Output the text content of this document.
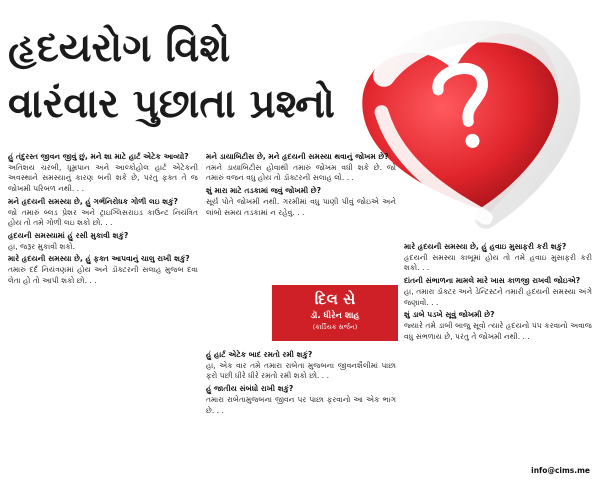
હૃદયરોગ વિશે
વારંવાર પુછાતા પ્રશ્નો

હું તંદુરસ્ત જીવન જીવું છું, મને શા માટે હાર્ટ એટેક આવ્યો?

અતિશય ચરબી, ધૂમ્રપાન અને આલ્કોહોલ હાર્ટ એટેકની અવસ્થાને સમસ્યાનું કારણ બની શકે છે, પરંતુ ફક્ત તે જ જોખમી પરિબળ નથી. . .

મને હૃદયની સમસ્યા છે, હું ગર્ભનિરોધક ગોળી લઇ શકું?

જો તમારું બ્લડ પ્રેશર અને ટ્રાઇગ્લિસરાઇડ કાઉન્ટ નિયંત્રિત હોય તો તમે ગોળી લઇ શકો છો. . .

હૃદયની સમસ્યામાં હું રસી મુકાવી શકું?

હા, જરૂર મુકાવી શકો.

મારે હૃદયની સમસ્યા છે, હું ફક્ત આપવાનું ચાલુ રાખી શકું?

તમારું દર્દ નિયંત્રણમાં હોય અને ડૉક્ટરની સલાહ મુજબ દવા લેતા હો તો આપી શકો છો. . .

મને ડાયાબિટીસ છે, મને હૃદયની સમસ્યા થવાનું જોખમ છે?

તમને ડાયાબિટીસ હોવાથી તમારું જોખમ વધી શકે છે. જો તમારું વજન વધુ હોય તો ડૉક્ટરની સલાહ લો. . .

શું મારા માટે તડકામાં જવું જોખમી છે?

સૂર્ય પોતે જોખમી નથી. ગરમીમાં વધુ પાણી પીવું જોઇએ અને લાંબો સમય તડકામાં ન રહેવું. . .

દિલ સે
ડૉ. ધીરેન શાહ
(કાર્ડિયક સર્જન)

હું હાર્ટ એટેક બાદ રમતો રમી શકું?

હા, એક વાર તમે તમારા રાબેતા મુજબના જીવનશૈલીમાં પાછા ફરો પછી ધીરે ધીરે રમતો રમી શકો છો. . .

હું જાતીય સંબંધો રાખી શકું?

તમારા રાબેતામુજબના જીવન પર પાછા ફરવાનો આ એક ભાગ છે. . .

મારે હૃદયની સમસ્યા છે, હું હવાઇ મુસાફરી કરી શકું?

હૃદયની સમસ્યા કાબૂમાં હોય તો તમે હવાઇ મુસાફરી કરી શકો. . .

દાંતની સંભાળના મામલે મારે ખાસ કાળજી રાખવી જોઇએ?

હા, તમારા ડૉક્ટર અને ડેન્ટિસ્ટને તમારી હૃદયની સમસ્યા અંગે જણાવો. . .

શું ડાબે પડખે સૂવું જોખમી છે?

જ્યારે તમે ડાબી બાજુ સૂવો ત્યારે હૃદયનો પંપ કરવાનો અવાજ વધુ સંભળાય છે, પરંતુ તે જોખમી નથી. . .

info@cims.me
